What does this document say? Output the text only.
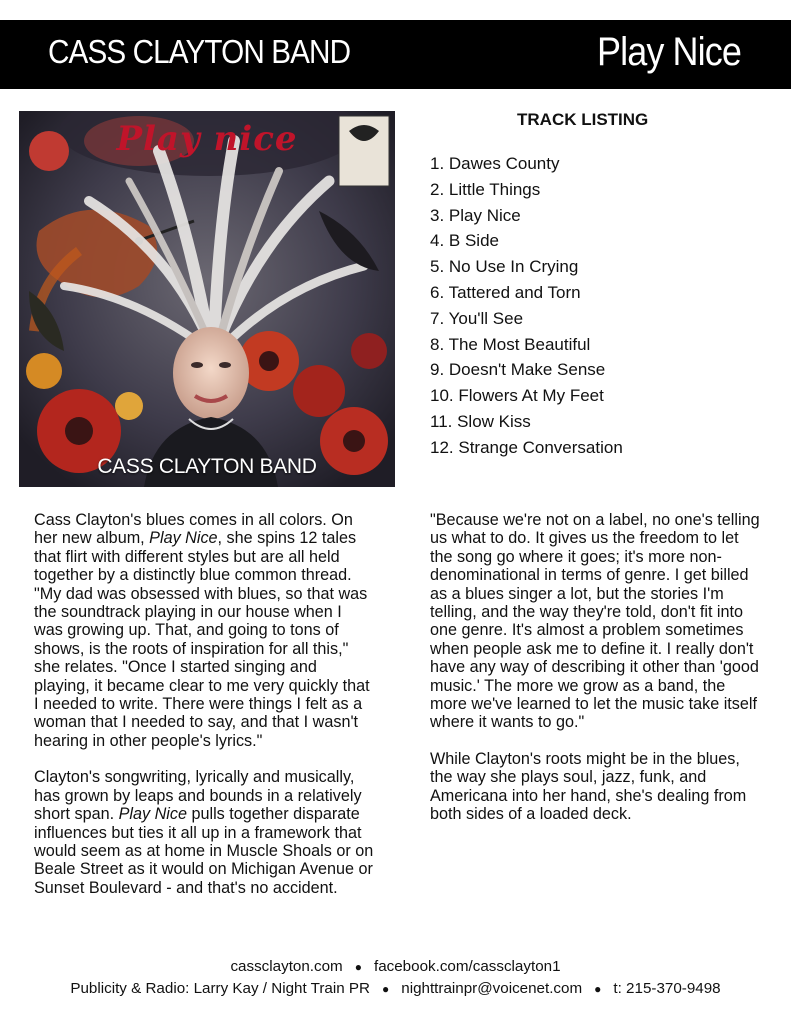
CASS CLAYTON BAND	Play Nice
Play nice
CASS CLAYTON BAND
TRACK LISTING
1. Dawes County
2. Little Things
3. Play Nice
4. B Side
5. No Use In Crying
6. Tattered and Torn
7. You'll See
8. The Most Beautiful
9. Doesn't Make Sense
10. Flowers At My Feet
11. Slow Kiss
12. Strange Conversation

Cass Clayton's blues comes in all colors. On her new album, Play Nice, she spins 12 tales that flirt with different styles but are all held together by a distinctly blue common thread. "My dad was obsessed with blues, so that was the soundtrack playing in our house when I was growing up. That, and going to tons of shows, is the roots of inspiration for all this," she relates. "Once I started singing and playing, it became clear to me very quickly that I needed to write. There were things I felt as a woman that I needed to say, and that I wasn't hearing in other people's lyrics."

Clayton's songwriting, lyrically and musically, has grown by leaps and bounds in a relatively short span. Play Nice pulls together disparate influences but ties it all up in a framework that would seem as at home in Muscle Shoals or on Beale Street as it would on Michigan Avenue or Sunset Boulevard - and that's no accident.

"Because we're not on a label, no one's telling us what to do. It gives us the freedom to let the song go where it goes; it's more non-denominational in terms of genre. I get billed as a blues singer a lot, but the stories I'm telling, and the way they're told, don't fit into one genre. It's almost a problem sometimes when people ask me to define it. I really don't have any way of describing it other than 'good music.' The more we grow as a band, the more we've learned to let the music take itself where it wants to go."

While Clayton's roots might be in the blues, the way she plays soul, jazz, funk, and Americana into her hand, she's dealing from both sides of a loaded deck.

cassclayton.com ● facebook.com/cassclayton1
Publicity & Radio: Larry Kay / Night Train PR ● nighttrainpr@voicenet.com ● t: 215-370-9498
